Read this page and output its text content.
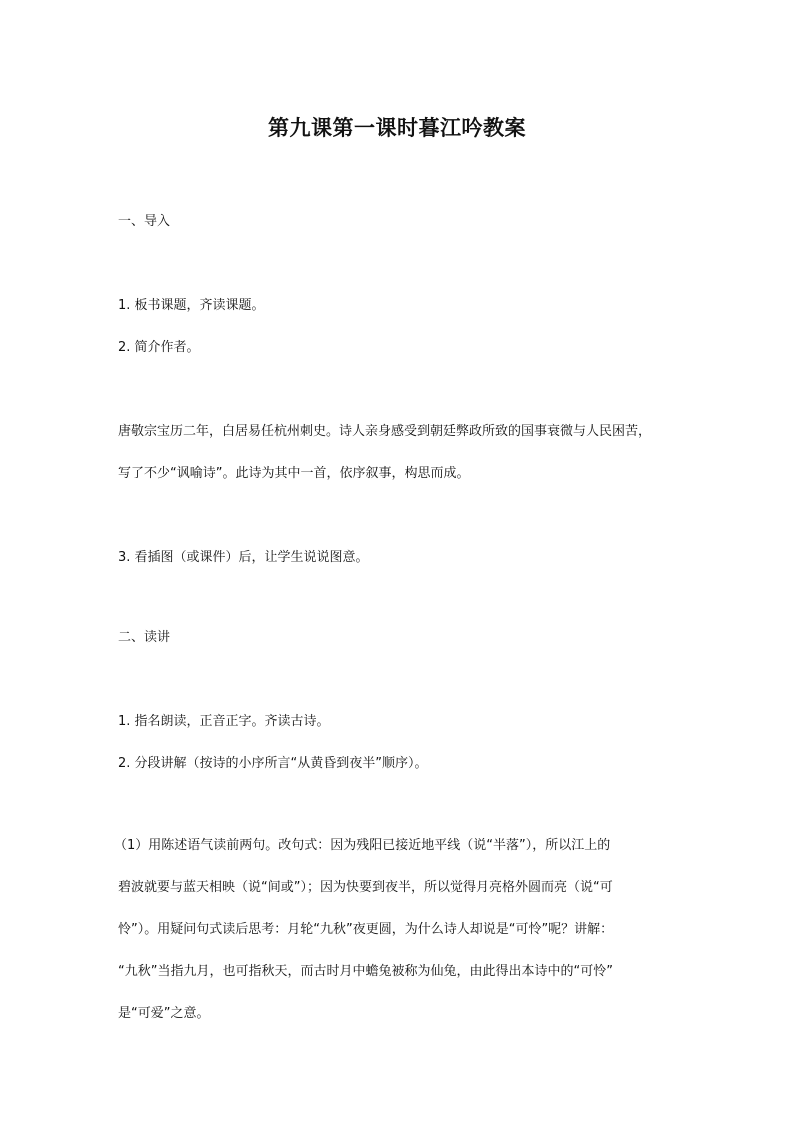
第九课第一课时暮江吟教案

一、导入

1. 板书课题，齐读课题。

2. 简介作者。

唐敬宗宝历二年，白居易任杭州刺史。诗人亲身感受到朝廷弊政所致的国事衰微与人民困苦，

写了不少“讽喻诗”。此诗为其中一首，依序叙事，构思而成。

3. 看插图（或课件）后，让学生说说图意。

二、读讲

1. 指名朗读，正音正字。齐读古诗。

2. 分段讲解（按诗的小序所言“从黄昏到夜半”顺序）。

（1）用陈述语气读前两句。改句式：因为残阳已接近地平线（说“半落”），所以江上的

碧波就要与蓝天相映（说“间或”）；因为快要到夜半，所以觉得月亮格外圆而亮（说“可

怜”）。用疑问句式读后思考：月轮“九秋”夜更圆，为什么诗人却说是“可怜”呢？讲解：

“九秋”当指九月，也可指秋天，而古时月中蟾兔被称为仙兔，由此得出本诗中的“可怜”

是“可爱”之意。
